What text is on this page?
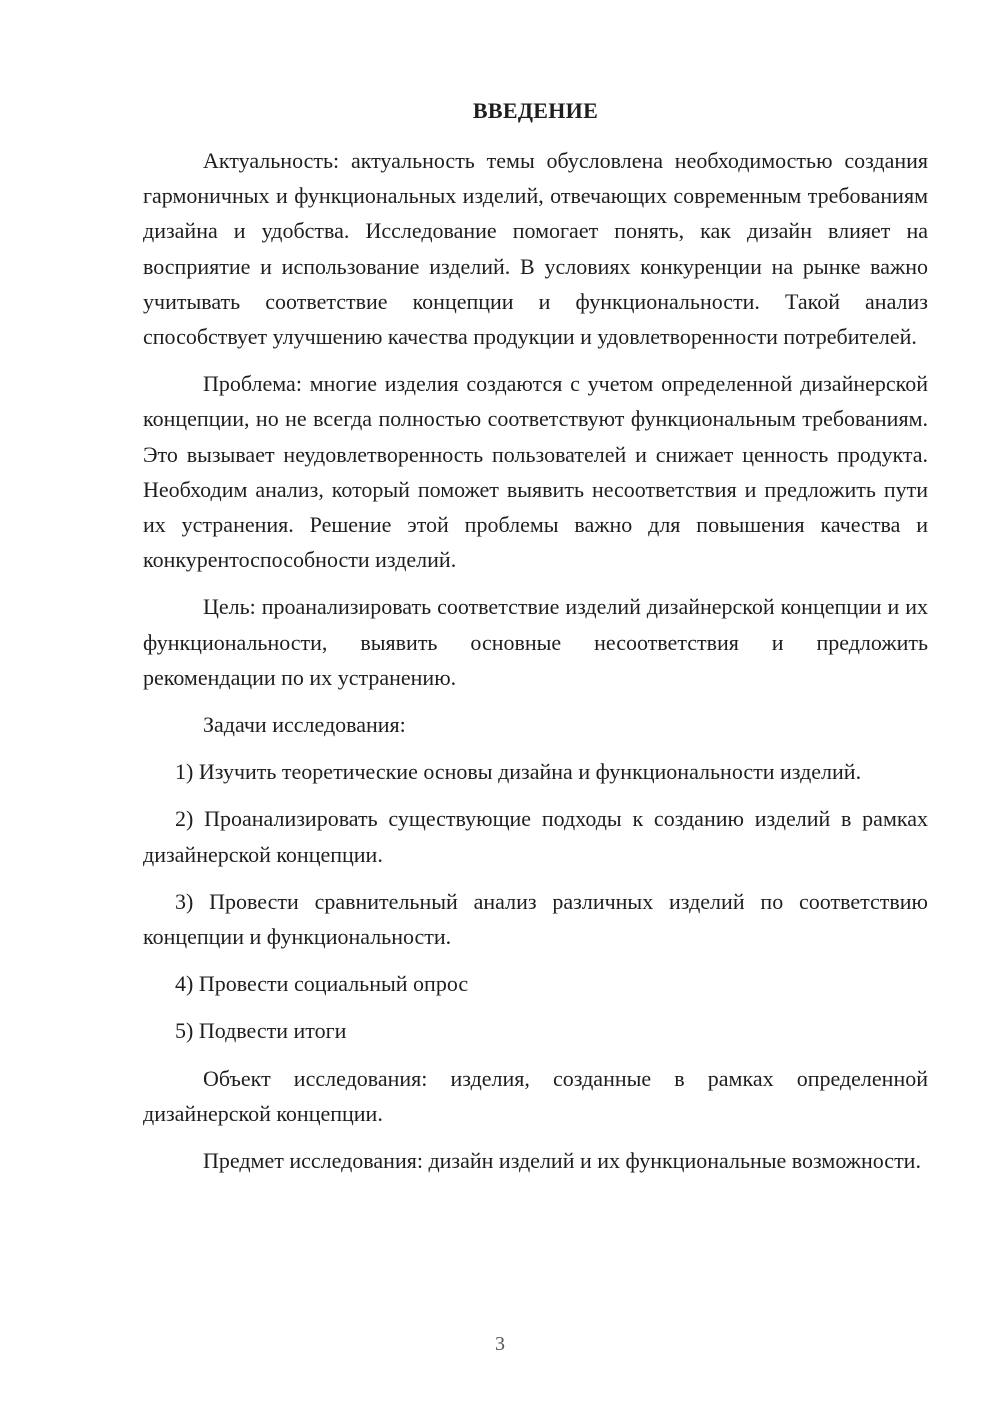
ВВЕДЕНИЕ

Актуальность: актуальность темы обусловлена необходимостью создания гармоничных и функциональных изделий, отвечающих современным требованиям дизайна и удобства. Исследование помогает понять, как дизайн влияет на восприятие и использование изделий. В условиях конкуренции на рынке важно учитывать соответствие концепции и функциональности. Такой анализ способствует улучшению качества продукции и удовлетворенности потребителей.

Проблема: многие изделия создаются с учетом определенной дизайнерской концепции, но не всегда полностью соответствуют функциональным требованиям. Это вызывает неудовлетворенность пользователей и снижает ценность продукта. Необходим анализ, который поможет выявить несоответствия и предложить пути их устранения. Решение этой проблемы важно для повышения качества и конкурентоспособности изделий.

Цель: проанализировать соответствие изделий дизайнерской концепции и их функциональности, выявить основные несоответствия и предложить рекомендации по их устранению.

Задачи исследования:

1) Изучить теоретические основы дизайна и функциональности изделий.

2) Проанализировать существующие подходы к созданию изделий в рамках дизайнерской концепции.

3) Провести сравнительный анализ различных изделий по соответствию концепции и функциональности.

4) Провести социальный опрос

5) Подвести итоги

Объект исследования: изделия, созданные в рамках определенной дизайнерской концепции.

Предмет исследования: дизайн изделий и их функциональные возможности.

3
